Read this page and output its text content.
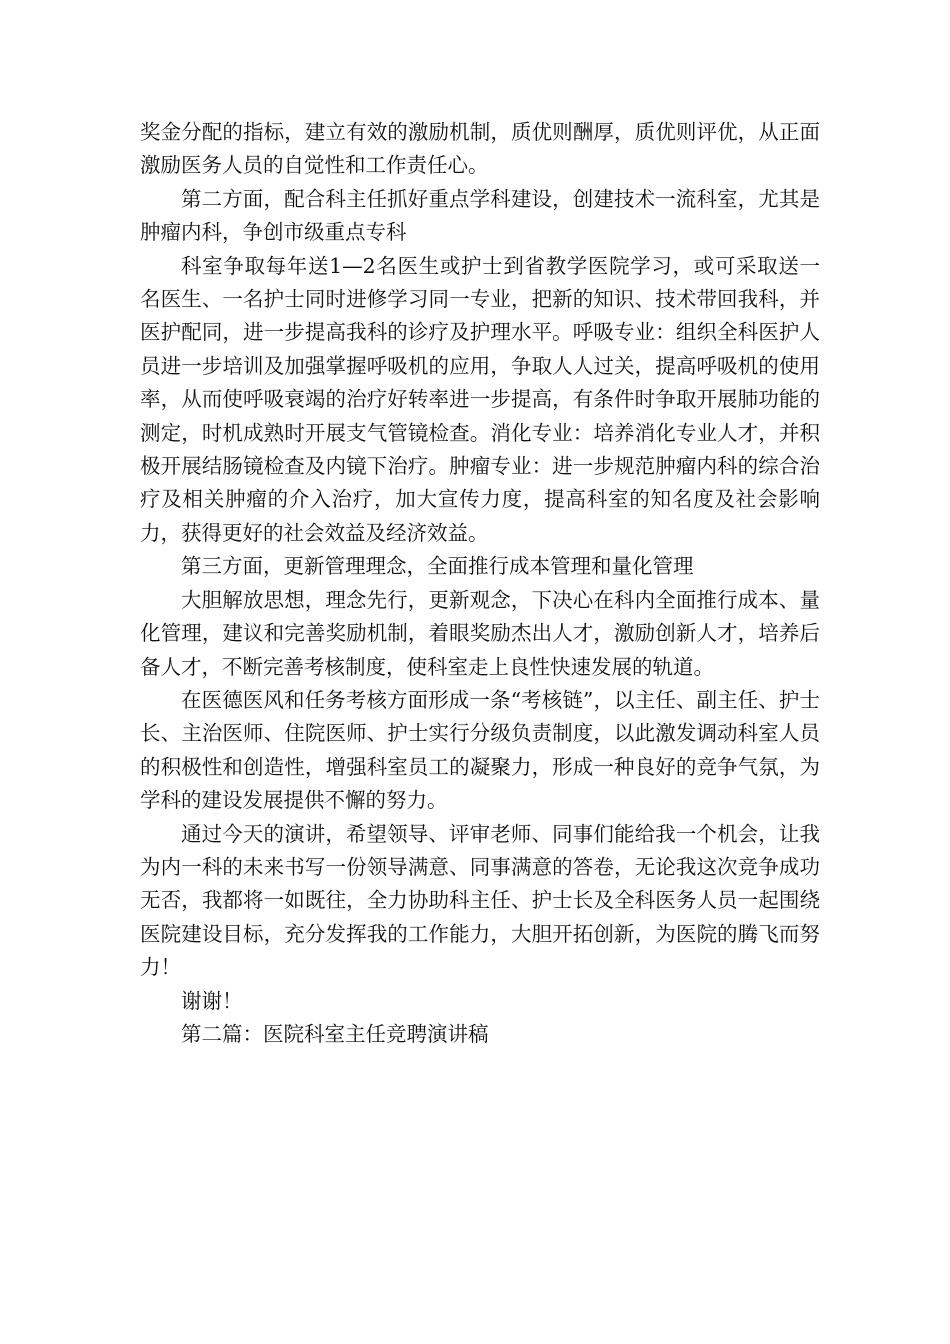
奖金分配的指标，建立有效的激励机制，质优则酬厚，质优则评优，从正面激励医务人员的自觉性和工作责任心。

第二方面，配合科主任抓好重点学科建设，创建技术一流科室，尤其是肿瘤内科，争创市级重点专科

科室争取每年送1—2名医生或护士到省教学医院学习，或可采取送一名医生、一名护士同时进修学习同一专业，把新的知识、技术带回我科，并医护配同，进一步提高我科的诊疗及护理水平。呼吸专业：组织全科医护人员进一步培训及加强掌握呼吸机的应用，争取人人过关，提高呼吸机的使用率，从而使呼吸衰竭的治疗好转率进一步提高，有条件时争取开展肺功能的测定，时机成熟时开展支气管镜检查。消化专业：培养消化专业人才，并积极开展结肠镜检查及内镜下治疗。肿瘤专业：进一步规范肿瘤内科的综合治疗及相关肿瘤的介入治疗，加大宣传力度，提高科室的知名度及社会影响力，获得更好的社会效益及经济效益。

第三方面，更新管理理念，全面推行成本管理和量化管理

大胆解放思想，理念先行，更新观念，下决心在科内全面推行成本、量化管理，建议和完善奖励机制，着眼奖励杰出人才，激励创新人才，培养后备人才，不断完善考核制度，使科室走上良性快速发展的轨道。

在医德医风和任务考核方面形成一条“考核链”，以主任、副主任、护士长、主治医师、住院医师、护士实行分级负责制度，以此激发调动科室人员的积极性和创造性，增强科室员工的凝聚力，形成一种良好的竞争气氛，为学科的建设发展提供不懈的努力。

通过今天的演讲，希望领导、评审老师、同事们能给我一个机会，让我为内一科的未来书写一份领导满意、同事满意的答卷，无论我这次竞争成功无否，我都将一如既往，全力协助科主任、护士长及全科医务人员一起围绕医院建设目标，充分发挥我的工作能力，大胆开拓创新，为医院的腾飞而努力！

谢谢！

第二篇：医院科室主任竞聘演讲稿
